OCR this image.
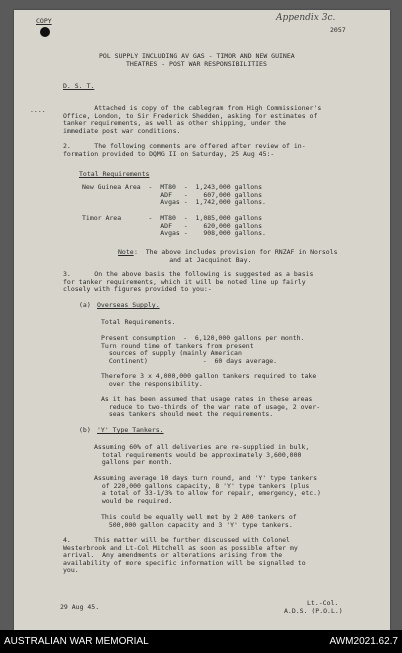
COPY	Appendix 3c.

2057

POL SUPPLY INCLUDING AV GAS - TIMOR AND NEW GUINEA

THEATRES - POST WAR RESPONSIBILITIES

D. S. T.

....	Attached is copy of the cablegram from High Commissioner's
Office, London, to Sir Frederick Shedden, asking for estimates of
tanker requirements, as well as other shipping, under the
immediate post war conditions.

2.      The following comments are offered after review of in-
formation provided to DQMG II on Saturday, 25 Aug 45:-

Total Requirements

New Guinea Area  -  MT80  -  1,243,000 gallons
ADF   -    607,000 gallons
Avgas -  1,742,000 gallons.

Timor Area       -  MT80  -  1,085,000 gallons
ADF   -    620,000 gallons
Avgas -    908,000 gallons.

Note :  The above includes provision for RNZAF in Norsols
and at Jacquinot Bay.

3.      On the above basis the following is suggested as a basis
for tanker requirements, which it will be noted line up fairly
closely with figures provided to you:-

(a) Overseas Supply.

Total Requirements.

Present consumption  -  6,120,000 gallons per month.
Turn round time of tankers from present
sources of supply (mainly American
Continent)              -  60 days average.

Therefore 3 x 4,000,000 gallon tankers required to take
over the responsibility.

As it has been assumed that usage rates in these areas
reduce to two-thirds of the war rate of usage, 2 over-
seas tankers should meet the requirements.

(b) 'Y' Type Tankers.

Assuming 60% of all deliveries are re-supplied in bulk,
total requirements would be approximately 3,600,000
gallons per month.

Assuming average 10 days turn round, and 'Y' type tankers
of 220,000 gallons capacity, 8 'Y' type tankers (plus
a total of 33-1/3% to allow for repair, emergency, etc.)
would be required.

This could be equally well met by 2 A00 tankers of
500,000 gallon capacity and 3 'Y' type tankers.

4.      This matter will be further discussed with Colonel
Westerbrook and Lt-Col Mitchell as soon as possible after my
arrival.  Any amendments or alterations arising from the
availability of more specific information will be signalled to
you.

29 Aug 45.	Lt.-Col.

A.D.S. (P.O.L.)

AUSTRALIAN WAR MEMORIAL	AWM2021.62.7
